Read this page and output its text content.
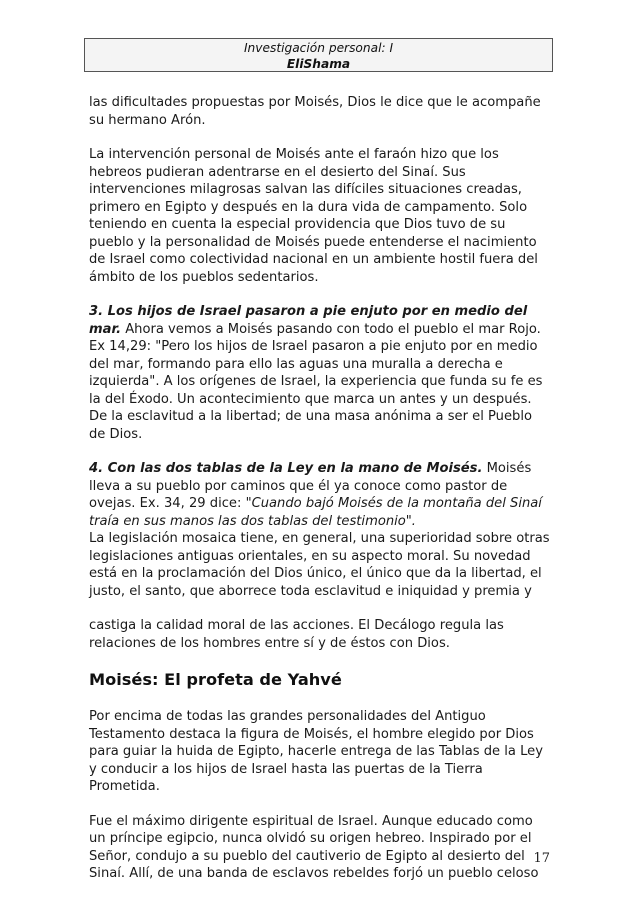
Investigación personal: I
EliShama

las dificultades propuestas por Moisés, Dios le dice que le acompañe su hermano Arón.

La intervención personal de Moisés ante el faraón hizo que los hebreos pudieran adentrarse en el desierto del Sinaí. Sus intervenciones milagrosas salvan las difíciles situaciones creadas, primero en Egipto y después en la dura vida de campamento. Solo teniendo en cuenta la especial providencia que Dios tuvo de su pueblo y la personalidad de Moisés puede entenderse el nacimiento de Israel como colectividad nacional en un ambiente hostil fuera del ámbito de los pueblos sedentarios.

3. Los hijos de Israel pasaron a pie enjuto por en medio del mar. Ahora vemos a Moisés pasando con todo el pueblo el mar Rojo. Ex 14,29: "Pero los hijos de Israel pasaron a pie enjuto por en medio del mar, formando para ello las aguas una muralla a derecha e izquierda". A los orígenes de Israel, la experiencia que funda su fe es la del Éxodo. Un acontecimiento que marca un antes y un después. De la esclavitud a la libertad; de una masa anónima a ser el Pueblo de Dios.

4. Con las dos tablas de la Ley en la mano de Moisés. Moisés lleva a su pueblo por caminos que él ya conoce como pastor de ovejas. Ex. 34, 29 dice: "Cuando bajó Moisés de la montaña del Sinaí traía en sus manos las dos tablas del testimonio".

La legislación mosaica tiene, en general, una superioridad sobre otras legislaciones antiguas orientales, en su aspecto moral. Su novedad está en la proclamación del Dios único, el único que da la libertad, el justo, el santo, que aborrece toda esclavitud e iniquidad y premia y

castiga la calidad moral de las acciones. El Decálogo regula las relaciones de los hombres entre sí y de éstos con Dios.

Moisés: El profeta de Yahvé

Por encima de todas las grandes personalidades del Antiguo Testamento destaca la figura de Moisés, el hombre elegido por Dios para guiar la huida de Egipto, hacerle entrega de las Tablas de la Ley y conducir a los hijos de Israel hasta las puertas de la Tierra Prometida.

Fue el máximo dirigente espiritual de Israel. Aunque educado como un príncipe egipcio, nunca olvidó su origen hebreo. Inspirado por el Señor, condujo a su pueblo del cautiverio de Egipto al desierto del Sinaí. Allí, de una banda de esclavos rebeldes forjó un pueblo celoso

17
